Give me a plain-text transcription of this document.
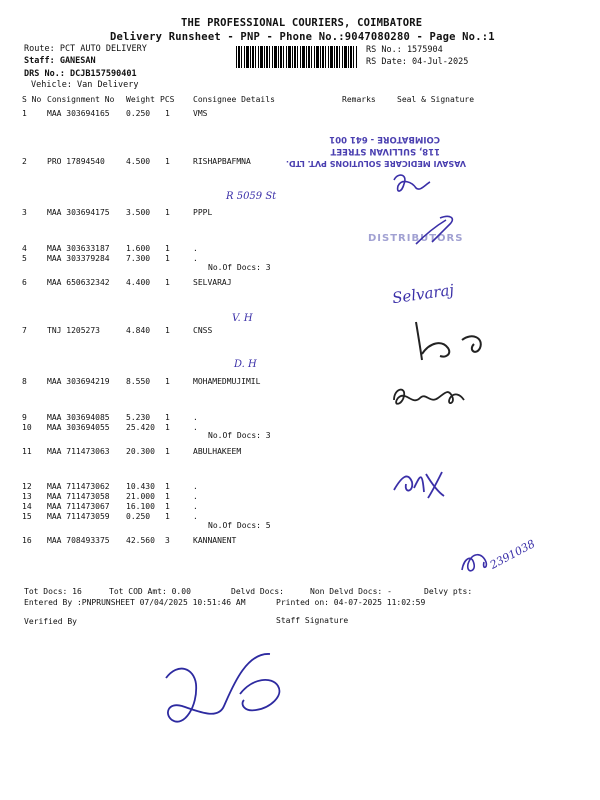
THE PROFESSIONAL COURIERS, COIMBATORE
Delivery Runsheet - PNP - Phone No.:9047080280 - Page No.:1
Route: PCT AUTO DELIVERY
Staff: GANESAN
DRS No.: DCJB157590401
Vehicle: Van Delivery
RS No.: 1575904
RS Date: 04-Jul-2025
S No Consignment No Weight PCS Consignee Details	Remarks	Seal & Signature
1	MAA 303694165 0.250 1	VMS
2	PRO 17894540	4.500 1	RISHAPBAFMNA
3	MAA 303694175 3.500 1	PPPL
4	MAA 303633187 1.600 1	.
5	MAA 303379284 7.300 1	.
6	MAA 650632342 4.400 1	SELVARAJ
7	TNJ 1205273	4.840 1	CNSS
8	MAA 303694219 8.550 1	MOHAMEDMUJIMIL
9	MAA 303694085 5.230 1	.
10 MAA 303694055 25.420 1	.
11 MAA 711473063 20.300 1	ABULHAKEEM
12 MAA 711473062 10.430 1	.
13 MAA 711473058 21.000 1	.
14 MAA 711473067 16.100 1	.
15 MAA 711473059 0.250 1	.
16 MAA 708493375 42.560 3	KANNANENT
No.Of Docs: 3
No.Of Docs: 3
No.Of Docs: 5
Tot Docs: 16	Tot COD Amt: 0.00	Delvd Docs:	Non Delvd Docs: -	Delvy pts:
Entered By :PNPRUNSHEET 07/04/2025 10:51:46 AM	Printed on: 04-07-2025 11:02:59
Verified By	Staff Signature
VASAVI MEDICARE SOLUTIONS PVT. LTD.
118, SULLIVAN STREET
COIMBATORE - 641 001
DISTRIBUTORS
R 5059 St
V. H
D. H
Selvaraj
2391038
